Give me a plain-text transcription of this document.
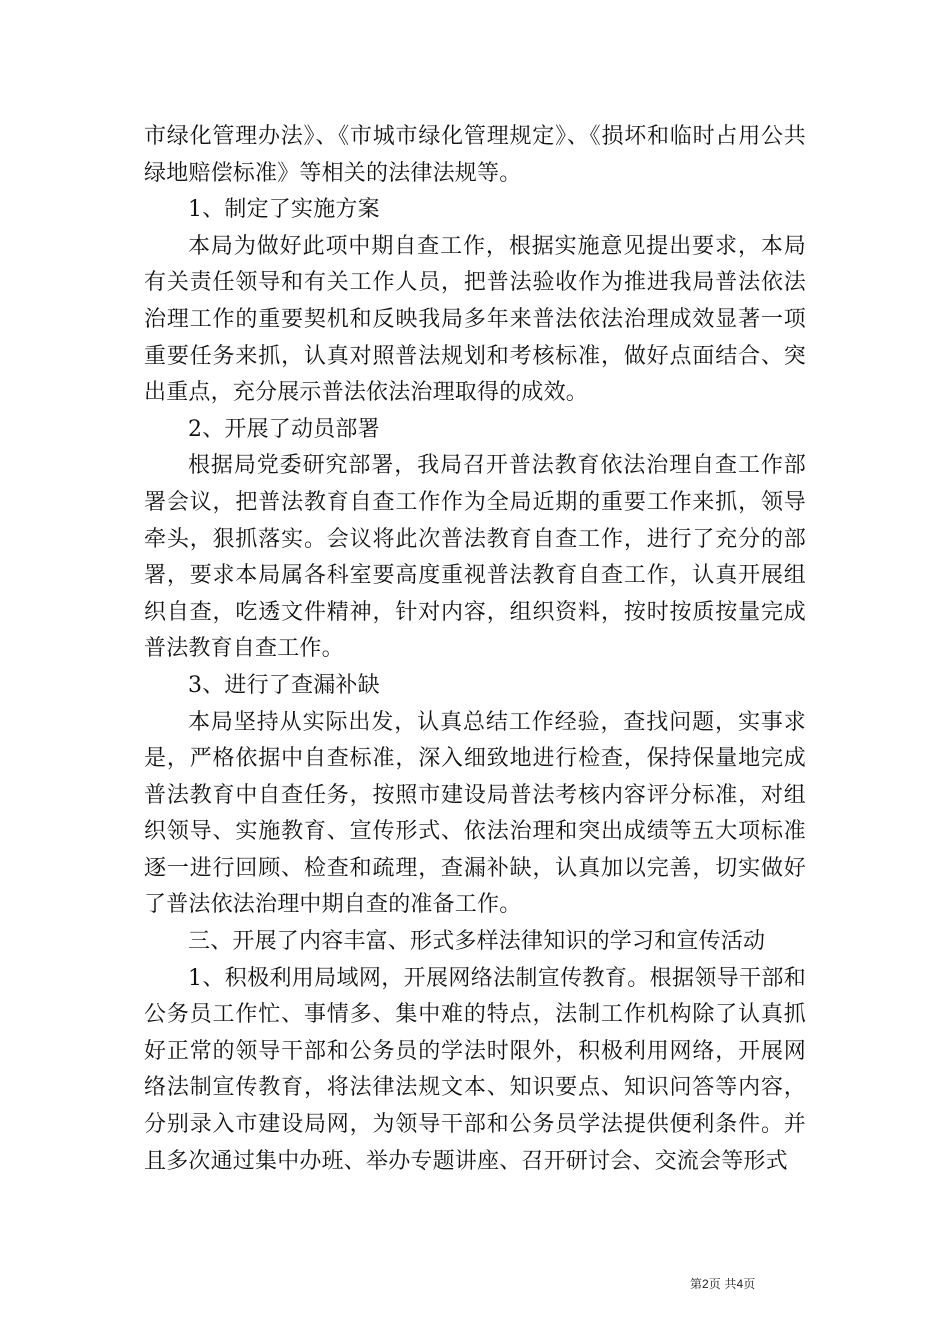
市绿化管理办法》、《市城市绿化管理规定》、《损坏和临时占用公共绿地赔偿标准》等相关的法律法规等。

1、制定了实施方案

本局为做好此项中期自查工作，根据实施意见提出要求，本局有关责任领导和有关工作人员，把普法验收作为推进我局普法依法治理工作的重要契机和反映我局多年来普法依法治理成效显著一项重要任务来抓，认真对照普法规划和考核标准，做好点面结合、突出重点，充分展示普法依法治理取得的成效。

2、开展了动员部署

根据局党委研究部署，我局召开普法教育依法治理自查工作部署会议，把普法教育自查工作作为全局近期的重要工作来抓，领导牵头，狠抓落实。会议将此次普法教育自查工作，进行了充分的部署，要求本局属各科室要高度重视普法教育自查工作，认真开展组织自查，吃透文件精神，针对内容，组织资料，按时按质按量完成普法教育自查工作。

3、进行了查漏补缺

本局坚持从实际出发，认真总结工作经验，查找问题，实事求是，严格依据中自查标准，深入细致地进行检查，保持保量地完成普法教育中自查任务，按照市建设局普法考核内容评分标准，对组织领导、实施教育、宣传形式、依法治理和突出成绩等五大项标准逐一进行回顾、检查和疏理，查漏补缺，认真加以完善，切实做好了普法依法治理中期自查的准备工作。

三、开展了内容丰富、形式多样法律知识的学习和宣传活动

1、积极利用局域网，开展网络法制宣传教育。根据领导干部和公务员工作忙、事情多、集中难的特点，法制工作机构除了认真抓好正常的领导干部和公务员的学法时限外，积极利用网络，开展网络法制宣传教育，将法律法规文本、知识要点、知识问答等内容，分别录入市建设局网，为领导干部和公务员学法提供便利条件。并且多次通过集中办班、举办专题讲座、召开研讨会、交流会等形式

第2页 共4页
